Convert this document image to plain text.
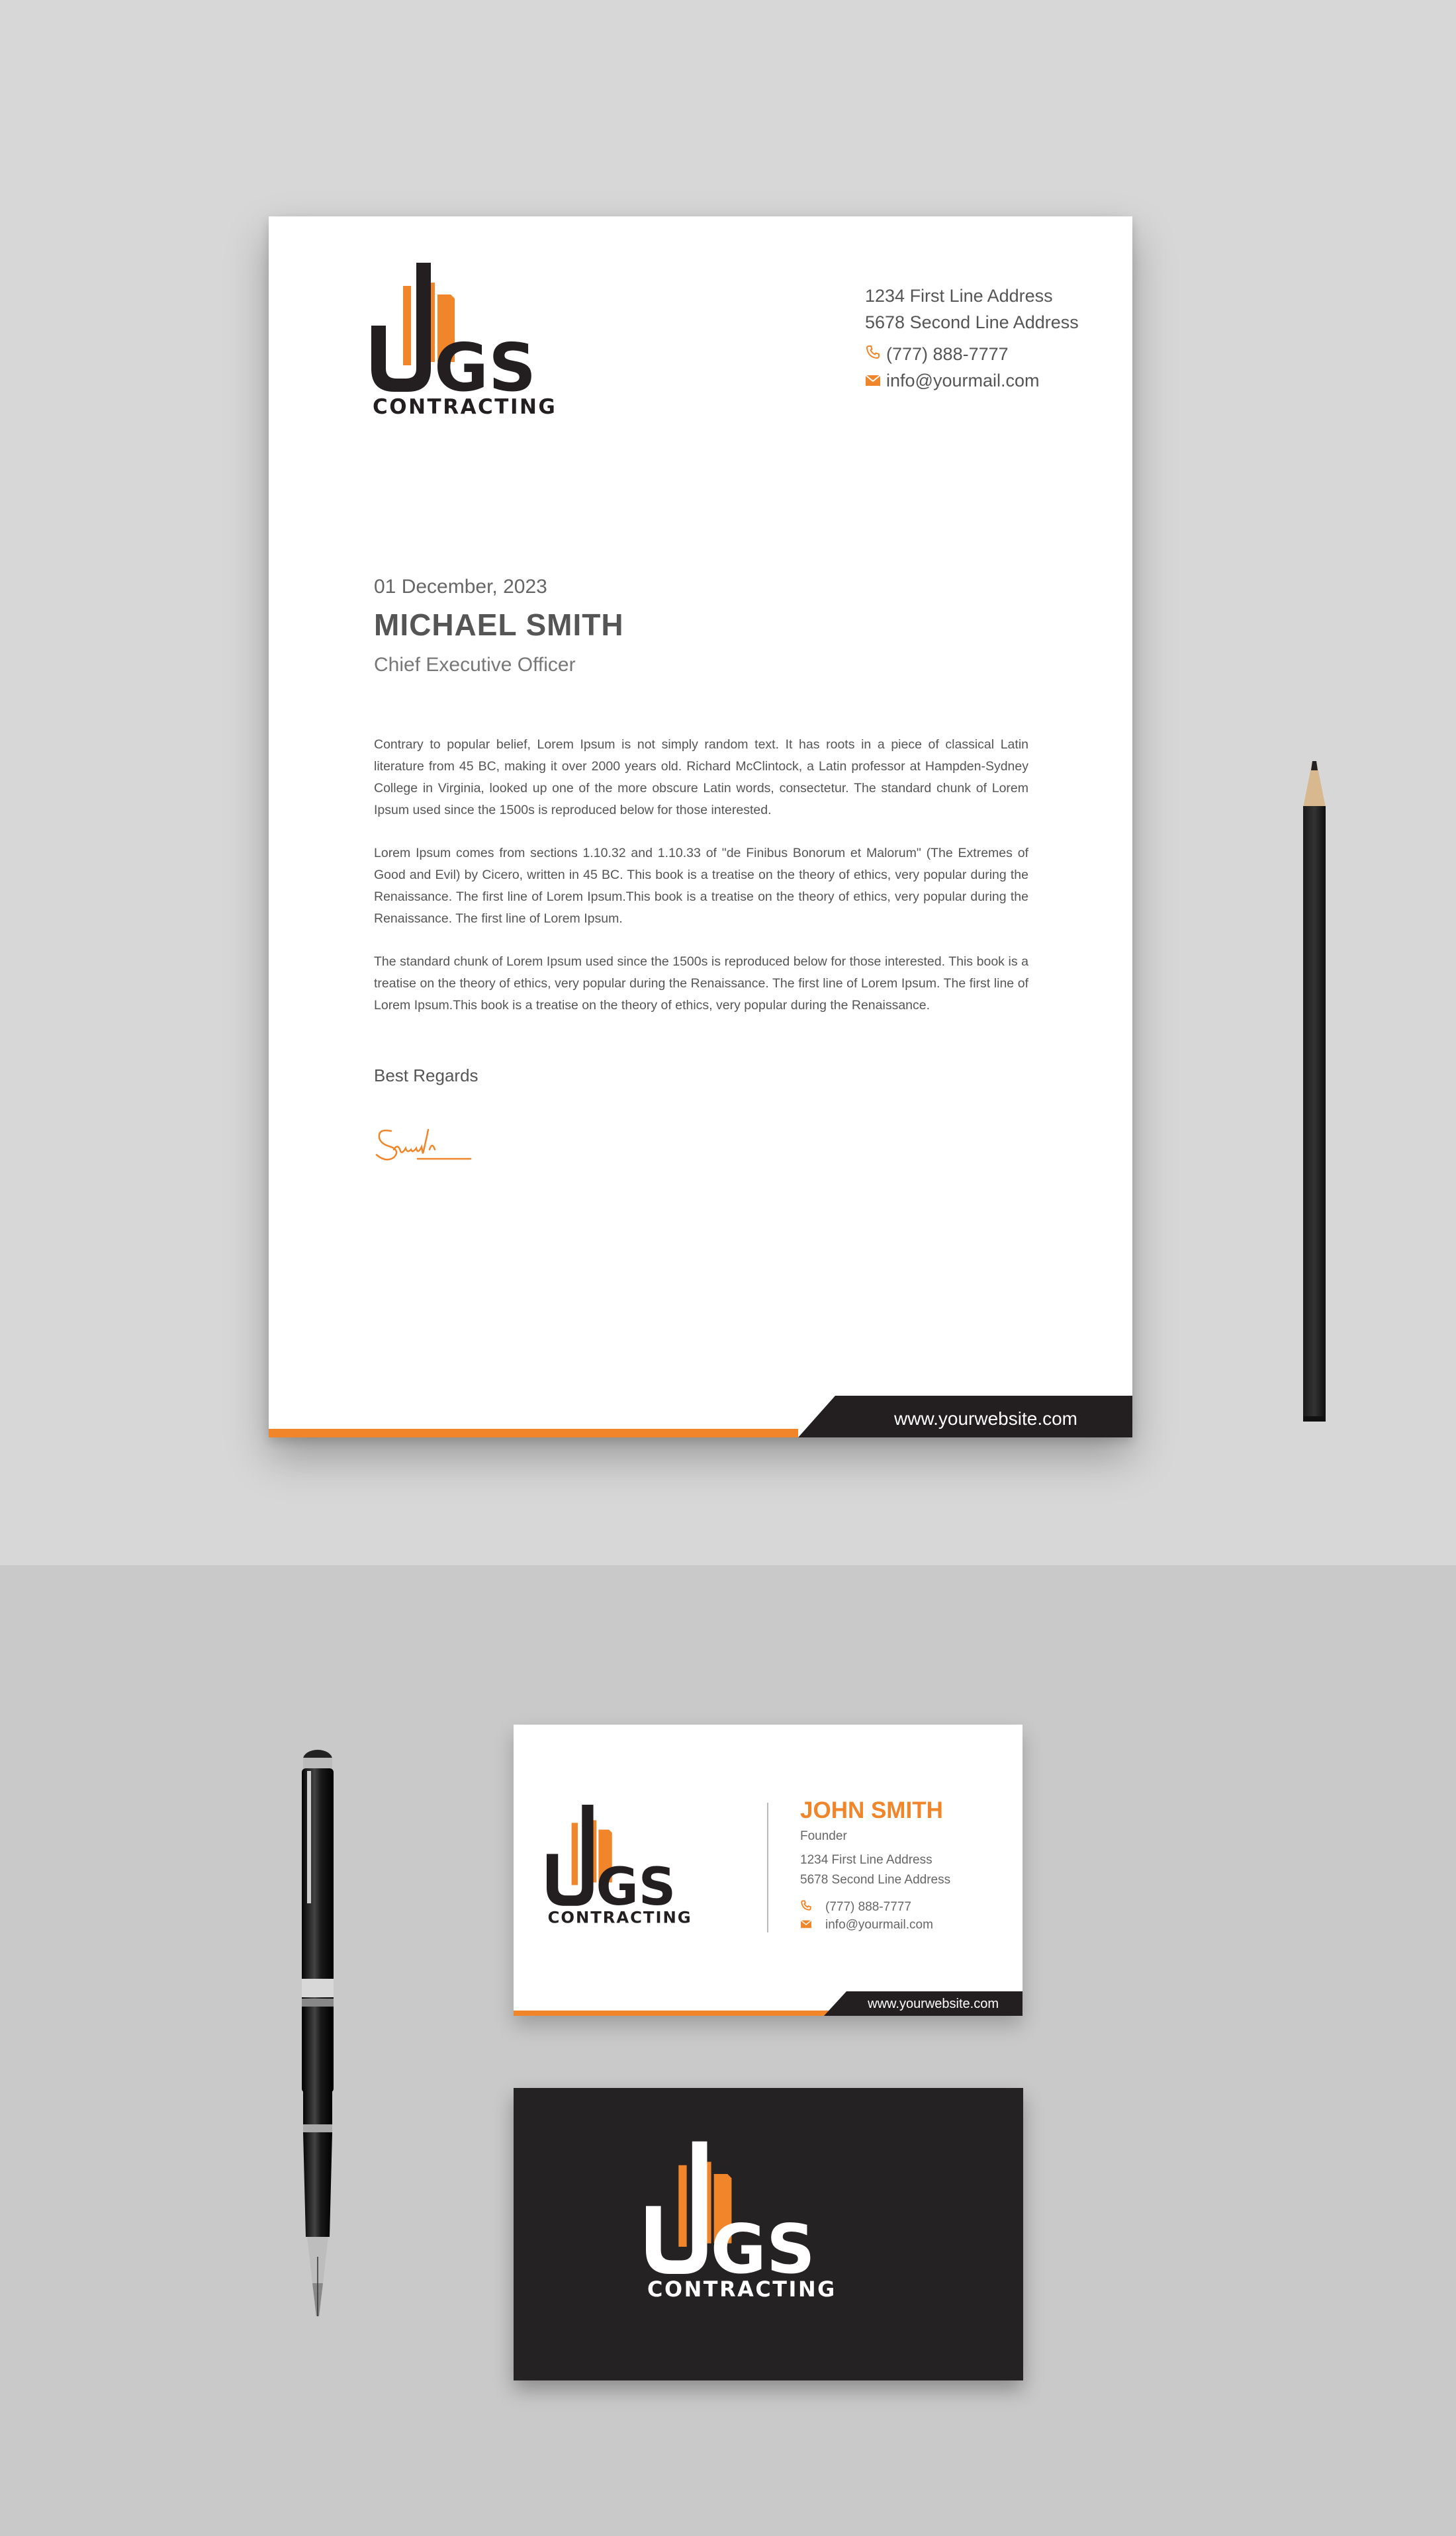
GS
CONTRACTING
1234 First Line Address
5678 Second Line Address
(777) 888-7777
info@yourmail.com
01 December, 2023
MICHAEL SMITH
Chief Executive Officer

Contrary to popular belief, Lorem Ipsum is not simply random text. It has roots in a piece of classical Latin literature from 45 BC, making it over 2000 years old. Richard McClintock, a Latin professor at Hampden-Sydney College in Virginia, looked up one of the more obscure Latin words, consectetur. The standard chunk of Lorem Ipsum used since the 1500s is reproduced below for those interested.

Lorem Ipsum comes from sections 1.10.32 and 1.10.33 of "de Finibus Bonorum et Malorum" (The Extremes of Good and Evil) by Cicero, written in 45 BC. This book is a treatise on the theory of ethics, very popular during the Renaissance. The first line of Lorem Ipsum.This book is a treatise on the theory of ethics, very popular during the Renaissance. The first line of Lorem Ipsum.

The standard chunk of Lorem Ipsum used since the 1500s is reproduced below for those interested. This book is a treatise on the theory of ethics, very popular during the Renaissance. The first line of Lorem Ipsum. The first line of Lorem Ipsum.This book is a treatise on the theory of ethics, very popular during the Renaissance.

Best Regards
www.yourwebsite.com
GS
CONTRACTING
JOHN SMITH
Founder
1234 First Line Address
5678 Second Line Address
(777) 888-7777
info@yourmail.com
www.yourwebsite.com
GS
CONTRACTING
